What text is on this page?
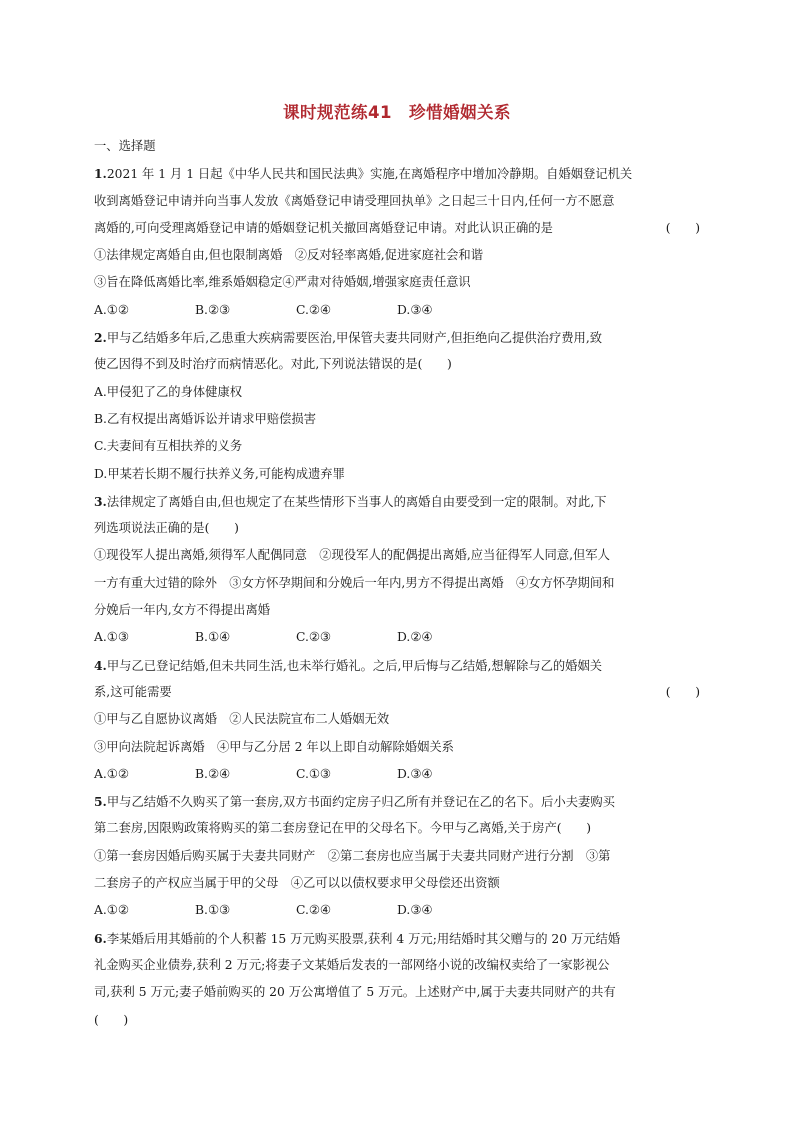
课时规范练41　珍惜婚姻关系
一、选择题
1.2021 年 1 月 1 日起《中华人民共和国民法典》实施,在离婚程序中增加冷静期。自婚姻登记机关
收到离婚登记申请并向当事人发放《离婚登记申请受理回执单》之日起三十日内,任何一方不愿意
离婚的,可向受理离婚登记申请的婚姻登记机关撤回离婚登记申请。对此认识正确的是	(　　)
①法律规定离婚自由,但也限制离婚　②反对轻率离婚,促进家庭社会和谐
③旨在降低离婚比率,维系婚姻稳定④严肃对待婚姻,增强家庭责任意识
A.①②	B.②③	C.②④	D.③④
2.甲与乙结婚多年后,乙患重大疾病需要医治,甲保管夫妻共同财产,但拒绝向乙提供治疗费用,致
使乙因得不到及时治疗而病情恶化。对此,下列说法错误的是(　　)
A.甲侵犯了乙的身体健康权
B.乙有权提出离婚诉讼并请求甲赔偿损害
C.夫妻间有互相扶养的义务
D.甲某若长期不履行扶养义务,可能构成遗弃罪
3.法律规定了离婚自由,但也规定了在某些情形下当事人的离婚自由要受到一定的限制。对此,下
列选项说法正确的是(　　)
①现役军人提出离婚,须得军人配偶同意　②现役军人的配偶提出离婚,应当征得军人同意,但军人
一方有重大过错的除外　③女方怀孕期间和分娩后一年内,男方不得提出离婚　④女方怀孕期间和
分娩后一年内,女方不得提出离婚
A.①③	B.①④	C.②③	D.②④
4.甲与乙已登记结婚,但未共同生活,也未举行婚礼。之后,甲后悔与乙结婚,想解除与乙的婚姻关
系,这可能需要	(　　)
①甲与乙自愿协议离婚　②人民法院宣布二人婚姻无效
③甲向法院起诉离婚　④甲与乙分居 2 年以上即自动解除婚姻关系
A.①②	B.②④	C.①③	D.③④
5.甲与乙结婚不久购买了第一套房,双方书面约定房子归乙所有并登记在乙的名下。后小夫妻购买
第二套房,因限购政策将购买的第二套房登记在甲的父母名下。今甲与乙离婚,关于房产(　　)
①第一套房因婚后购买属于夫妻共同财产　②第二套房也应当属于夫妻共同财产进行分割　③第
二套房子的产权应当属于甲的父母　④乙可以以债权要求甲父母偿还出资额
A.①②	B.①③	C.②④	D.③④
6.李某婚后用其婚前的个人积蓄 15 万元购买股票,获利 4 万元;用结婚时其父赠与的 20 万元结婚
礼金购买企业债券,获利 2 万元;将妻子文某婚后发表的一部网络小说的改编权卖给了一家影视公
司,获利 5 万元;妻子婚前购买的 20 万公寓增值了 5 万元。上述财产中,属于夫妻共同财产的共有
(　　)
